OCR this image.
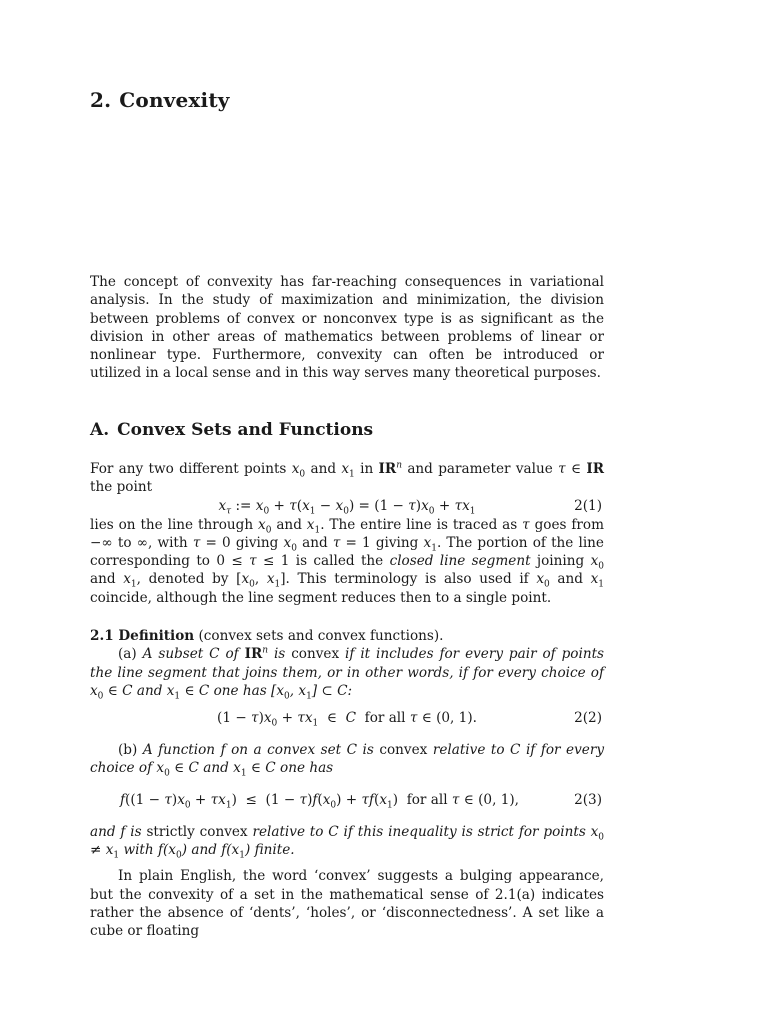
2. Convexity

The concept of convexity has far-reaching consequences in variational analysis. In the study of maximization and minimization, the division between problems of convex or nonconvex type is as significant as the division in other areas of mathematics between problems of linear or nonlinear type. Furthermore, convexity can often be introduced or utilized in a local sense and in this way serves many theoretical purposes.

A. Convex Sets and Functions

For any two different points $x_0$ and $x_1$ in $IR^n$ and parameter value τ ∈ IR the point

$x_\tau$ := $x_0 + \tau(x_1 - x_0) = (1 - \tau)x_0 + \tau x_1$	2(1)

lies on the line through $x_0$ and $x_1$. The entire line is traced as τ goes from −∞ to ∞, with τ = 0 giving $x_0$ and τ = 1 giving $x_1$. The portion of the line corresponding to 0 ≤ τ ≤ 1 is called the closed line segment joining $x_0$ and $x_1$, denoted by [$x_0$, $x_1$]. This terminology is also used if $x_0$ and $x_1$ coincide, although the line segment reduces then to a single point.

2.1 Definition (convex sets and convex functions).

(a) A subset C of $IR^n$ is convex if it includes for every pair of points the line segment that joins them, or in other words, if for every choice of $x_0$ ∈ C and $x_1$ ∈ C one has [$x_0$, $x_1$] ⊂ C:

$(1 - \tau)x_0 + \tau x_1$  ∈  C for all τ ∈ (0, 1).	2(2)

(b) A function f on a convex set C is convex relative to C if for every choice of $x_0$ ∈ C and $x_1$ ∈ C one has

$f((1 - \tau)x_0 + \tau x_1) \le (1 - \tau)f(x_0) + \tau f(x_1)$  for all τ ∈ (0, 1),	2(3)

and f is strictly convex relative to C if this inequality is strict for points $x_0 \ne x_1$ with $f(x_0)$ and $f(x_1)$ finite.

In plain English, the word ‘convex’ suggests a bulging appearance, but the convexity of a set in the mathematical sense of 2.1(a) indicates rather the absence of ‘dents’, ‘holes’, or ‘disconnectedness’. A set like a cube or floating
